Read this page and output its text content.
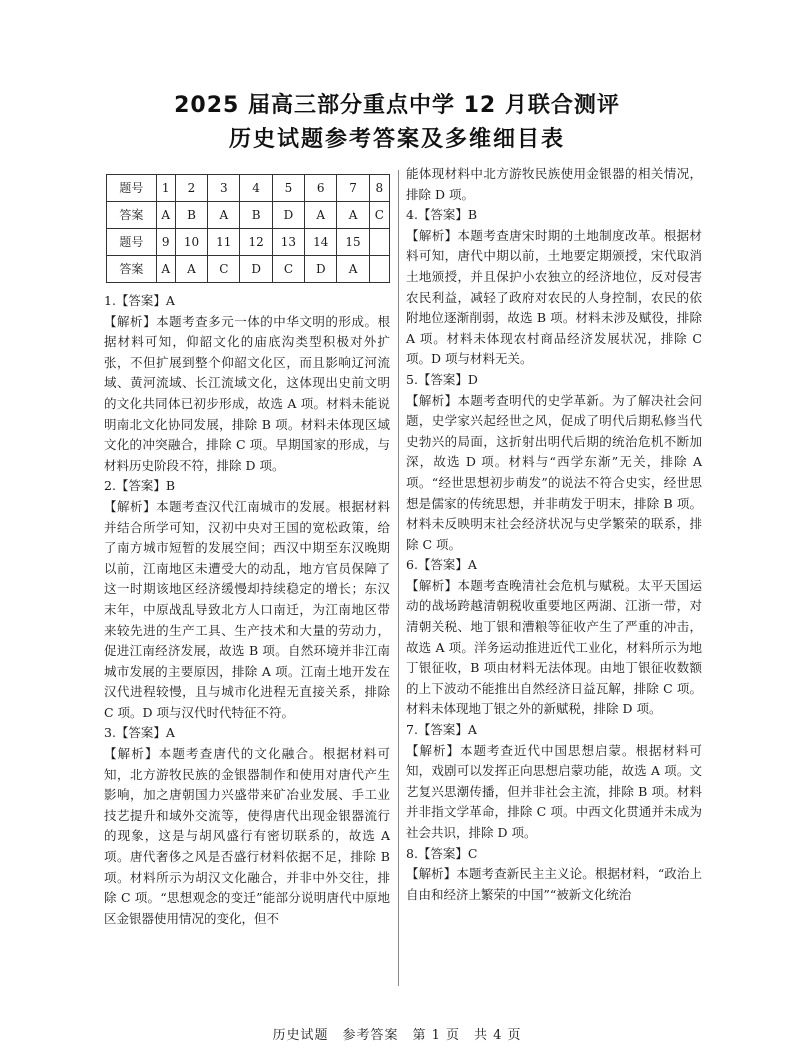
2025 届高三部分重点中学 12 月联合测评
历史试题参考答案及多维细目表
题号	1	2	3	4	5	6	7	8
答案	A	B	A	B	D	A	A	C
题号	9	10	11	12	13	14	15	
答案	A	A	C	D	C	D	A	

1.【答案】A

【解析】本题考查多元一体的中华文明的形成。根据材料可知，仰韶文化的庙底沟类型积极对外扩张，不但扩展到整个仰韶文化区，而且影响辽河流域、黄河流域、长江流域文化，这体现出史前文明的文化共同体已初步形成，故选 A 项。材料未能说明南北文化协同发展，排除 B 项。材料未体现区域文化的冲突融合，排除 C 项。早期国家的形成，与材料历史阶段不符，排除 D 项。

2.【答案】B

【解析】本题考查汉代江南城市的发展。根据材料并结合所学可知，汉初中央对王国的宽松政策，给了南方城市短暂的发展空间；西汉中期至东汉晚期以前，江南地区未遭受大的动乱，地方官员保障了这一时期该地区经济缓慢却持续稳定的增长；东汉末年，中原战乱导致北方人口南迁，为江南地区带来较先进的生产工具、生产技术和大量的劳动力，促进江南经济发展，故选 B 项。自然环境并非江南城市发展的主要原因，排除 A 项。江南土地开发在汉代进程较慢，且与城市化进程无直接关系，排除 C 项。D 项与汉代时代特征不符。

3.【答案】A

【解析】本题考查唐代的文化融合。根据材料可知，北方游牧民族的金银器制作和使用对唐代产生影响，加之唐朝国力兴盛带来矿冶业发展、手工业技艺提升和域外交流等，使得唐代出现金银器流行的现象，这是与胡风盛行有密切联系的，故选 A 项。唐代奢侈之风是否盛行材料依据不足，排除 B 项。材料所示为胡汉文化融合，并非中外交往，排除 C 项。“思想观念的变迁”能部分说明唐代中原地区金银器使用情况的变化，但不

能体现材料中北方游牧民族使用金银器的相关情况，排除 D 项。

4.【答案】B

【解析】本题考查唐宋时期的土地制度改革。根据材料可知，唐代中期以前，土地要定期颁授，宋代取消土地颁授，并且保护小农独立的经济地位，反对侵害农民利益，减轻了政府对农民的人身控制，农民的依附地位逐渐削弱，故选 B 项。材料未涉及赋役，排除 A 项。材料未体现农村商品经济发展状况，排除 C 项。D 项与材料无关。

5.【答案】D

【解析】本题考查明代的史学革新。为了解决社会问题，史学家兴起经世之风，促成了明代后期私修当代史勃兴的局面，这折射出明代后期的统治危机不断加深，故选 D 项。材料与“西学东渐”无关，排除 A 项。“经世思想初步萌发”的说法不符合史实，经世思想是儒家的传统思想，并非萌发于明末，排除 B 项。材料未反映明末社会经济状况与史学繁荣的联系，排除 C 项。

6.【答案】A

【解析】本题考查晚清社会危机与赋税。太平天国运动的战场跨越清朝税收重要地区两湖、江浙一带，对清朝关税、地丁银和漕粮等征收产生了严重的冲击，故选 A 项。洋务运动推进近代工业化，材料所示为地丁银征收，B 项由材料无法体现。由地丁银征收数额的上下波动不能推出自然经济日益瓦解，排除 C 项。材料未体现地丁银之外的新赋税，排除 D 项。

7.【答案】A

【解析】本题考查近代中国思想启蒙。根据材料可知，戏剧可以发挥正向思想启蒙功能，故选 A 项。文艺复兴思潮传播，但并非社会主流，排除 B 项。材料并非指文学革命，排除 C 项。中西文化贯通并未成为社会共识，排除 D 项。

8.【答案】C

【解析】本题考查新民主主义论。根据材料，“政治上自由和经济上繁荣的中国”“被新文化统治

历史试题　参考答案　第 1 页　共 4 页
